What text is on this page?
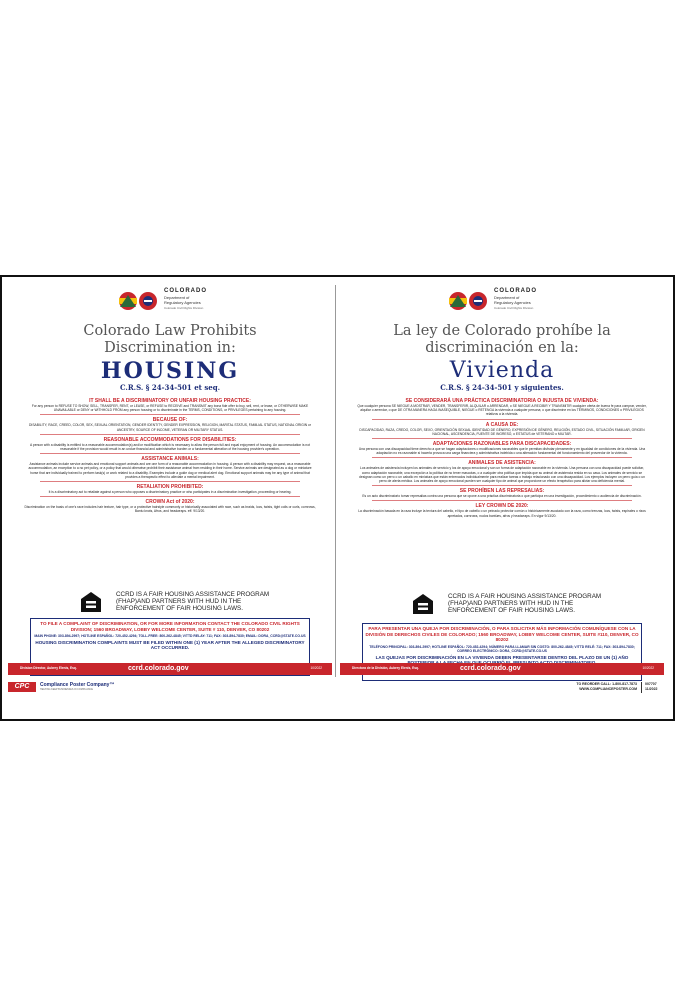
COLORADO
Department of
Regulatory Agencies
Colorado Civil Rights Division
Colorado Law Prohibits
Discrimination in:
HOUSING
C.R.S. § 24-34-501 et seq.
IT SHALL BE A DISCRIMINATORY OR UNFAIR HOUSING PRACTICE:
For any person to REFUSE TO SHOW, SELL, TRANSFER, RENT, or LEASE, or REFUSE to RECEIVE and TRANSMIT any bona fide offer to buy, sell, rent, or lease, or OTHERWISE MAKE UNAVAILABLE or DENY or WITHHOLD FROM any person housing or to discriminate in the TERMS, CONDITIONS, or PRIVILEGES pertaining to any housing.
BECAUSE OF:
DISABILITY, RACE, CREED, COLOR, SEX, SEXUAL ORIENTATION, GENDER IDENTITY, GENDER EXPRESSION, RELIGION, MARITAL STATUS, FAMILIAL STATUS, NATIONAL ORIGIN or ANCESTRY, SOURCE OF INCOME, VETERAN OR MILITARY STATUS.
REASONABLE ACCOMMODATIONS FOR DISABILITIES:
A person with a disability is entitled to a reasonable accommodation(s) and/or modification which is necessary to allow the person full and equal enjoyment of housing. An accommodation is not reasonable if the provision would result in an undue financial and administrative burden or a fundamental alteration of the housing provider's operation.
ASSISTANCE ANIMALS:
Assistance animals include service animals and emotional support animals and are one form of a reasonable accommodation in housing. A person with a disability may request, as a reasonable accommodation, an exception to a no pet policy, or a policy that would otherwise prohibit their assistance animal from residing in their home. Service animals are designated as a dog or miniature horse that are individually trained to perform task(s) or work related to a disability. Examples include a guide dog or medical alert dog. Emotional support animals may be any type of animal that provides a therapeutic effect to alleviate a mental impairment.
RETALIATION PROHIBITED:
It is a discriminatory act to retaliate against a person who opposes a discriminatory practice or who participates in a discrimination investigation, proceeding or hearing.
CROWN Act of 2020:
Discrimination on the basis of one's race includes hair texture, hair type, or a protective hairstyle commonly or historically associated with race, such as braids, locs, twists, tight coils or curls, cornrows, Bantu knots, Afros, and headwraps. eff. 9/13/20.
CCRD IS A FAIR HOUSING ASSISTANCE PROGRAM (FHAP)AND PARTNERS WITH HUD IN THE ENFORCEMENT OF FAIR HOUSING LAWS.
TO FILE A COMPLAINT OF DISCRIMINATION, OR FOR MORE INFORMATION CONTACT THE COLORADO CIVIL RIGHTS DIVISION; 1560 BROADWAY, LOBBY WELCOME CENTER, SUITE # 110, DENVER, CO 80202
MAIN PHONE: 303-894-2997; HOTLINE ESPAÑOL: 720-452-4294; TOLL-FREE: 800-262-4845; V/TTD RELAY: 711; FAX: 303-894-7830; EMAIL: DORA_CCRD@STATE.CO.US
HOUSING DISCRIMINATION COMPLAINTS MUST BE FILED WITHIN ONE (1) YEAR AFTER THE ALLEGED DISCRIMINATORY ACT OCCURRED.
Division Director, Aubrey Elenis, Esq.	ccrd.colorado.gov	10/2022
COLORADO
Department of
Regulatory Agencies
Colorado Civil Rights Division
La ley de Colorado prohíbe la
discriminación en la:
Vivienda
C.R.S. § 24-34-501 y siguientes.
SE CONSIDERARÁ UNA PRÁCTICA DISCRIMINATORIA O INJUSTA DE VIVIENDA:
Que cualquier persona SE NIEGUE A MOSTRAR, VENDER, TRANSFERIR, ALQUILAR o ARRENDAR, o SE NIEGUE A RECIBIR Y TRANSMITIR cualquier oferta de buena fe para comprar, vender, alquilar o arrendar, o que DE OTRA MANERA HAGA INASEQUIBLE, NIEGUE o RETENGA la vivienda a cualquier persona; o que discrimine en los TÉRMINOS, CONDICIONES o PRIVILEGIOS relativos a la vivienda.
A CAUSA DE:
DISCAPACIDAD, RAZA, CREDO, COLOR, SEXO, ORIENTACIÓN SEXUAL IDENTIDAD DE GÉNERO, EXPRESIÓN DE GÉNERO, RELIGIÓN, ESTADO CIVIL, SITUACIÓN FAMILIAR, ORIGEN NACIONAL, ASCENDENCIA, FUENTE DE INGRESO, o ESTATUS de VETERANO o MILITAR.
ADAPTACIONES RAZONABLES PARA DISCAPACIDADES:
Una persona con una discapacidad tiene derecho a que se hagan adaptaciones o modificaciones razonables que le permitan disfrutar plenamente y en igualdad de condiciones de la vivienda. Una adaptación no es razonable si hacerla provoca una carga financiera y administrativa indebida o una alteración fundamental del funcionamiento del proveedor de la vivienda.
ANIMALES DE ASISTENCIA:
Los animales de asistencia incluyen los animales de servicio y los de apoyo emocional y son un forma de adaptación razonable en la vivienda. Una persona con una discapacidad puede solicitar, como adaptación razonable, una excepción a la política de no tener mascotas, o a cualquier otra política que impida que su animal de asistencia resida en su casa. Los animales de servicio se designan como un perro o un caballo en miniatura que están entrenados individualmente para realizar tareas o trabajo relacionado con una discapacidad. Los ejemplos incluyen un perro guía o un perro de alerta médica. Los animales de apoyo emocional pueden ser cualquier tipo de animal que proporcione un efecto terapéutico para aliviar una deficiencia mental.
SE PROHÍBEN LAS REPRESALIAS:
Es un acto discriminatorio tomar represalias contra una persona que se opone a una práctica discriminatoria o que participa en una investigación, procedimiento o audiencia de discriminación.
LEY CROWN DE 2020:
La discriminación basada en la raza incluye la textura del cabello, el tipo de cabello o un peinado protector común o históricamente asociado con la raza, como trenzas, locs, twists, espirales o rizos apretados, cornrows, nudos bantúes, afros y headwraps. En vigor 9/13/20.
CCRD IS A FAIR HOUSING ASSISTANCE PROGRAM (FHAP)AND PARTNERS WITH HUD IN THE ENFORCEMENT OF FAIR HOUSING LAWS.
PARA PRESENTAR UNA QUEJA POR DISCRIMINACIÓN, O PARA SOLICITAR MÁS INFORMACIÓN COMUNÍQUESE CON LA DIVISIÓN DE DERECHOS CIVILES DE COLORADO; 1560 BROADWAY, LOBBY WELCOME CENTER, SUITE #110, DENVER, CO 80202
TELÉFONO PRINCIPAL: 303-894-2997; HOTLINE ESPAÑOL: 720-452-4294; NÚMERO PARA LLAMAR SIN COSTO: 800-262-4845; V/TTD RELÉ: 711; FAX: 303-894-7830; CORREO ELECTRÓNICO: DORA_CCRD@STATE.CO.US
LAS QUEJAS POR DISCRIMINACIÓN EN LA VIVIENDA DEBEN PRESENTARSE DENTRO DEL PLAZO DE UN (1) AÑO
Directora de la División, Aubrey Elenis, Esq.	ccrd.colorado.gov	10/2022
CPC	Compliance Poster Company™
HELPING KEEP BUSINESSES IN COMPLIANCE
TO REORDER CALL: 1-800-817-7873
WWW.COMPLIANCEPOSTER.COM
007707
11/2022
